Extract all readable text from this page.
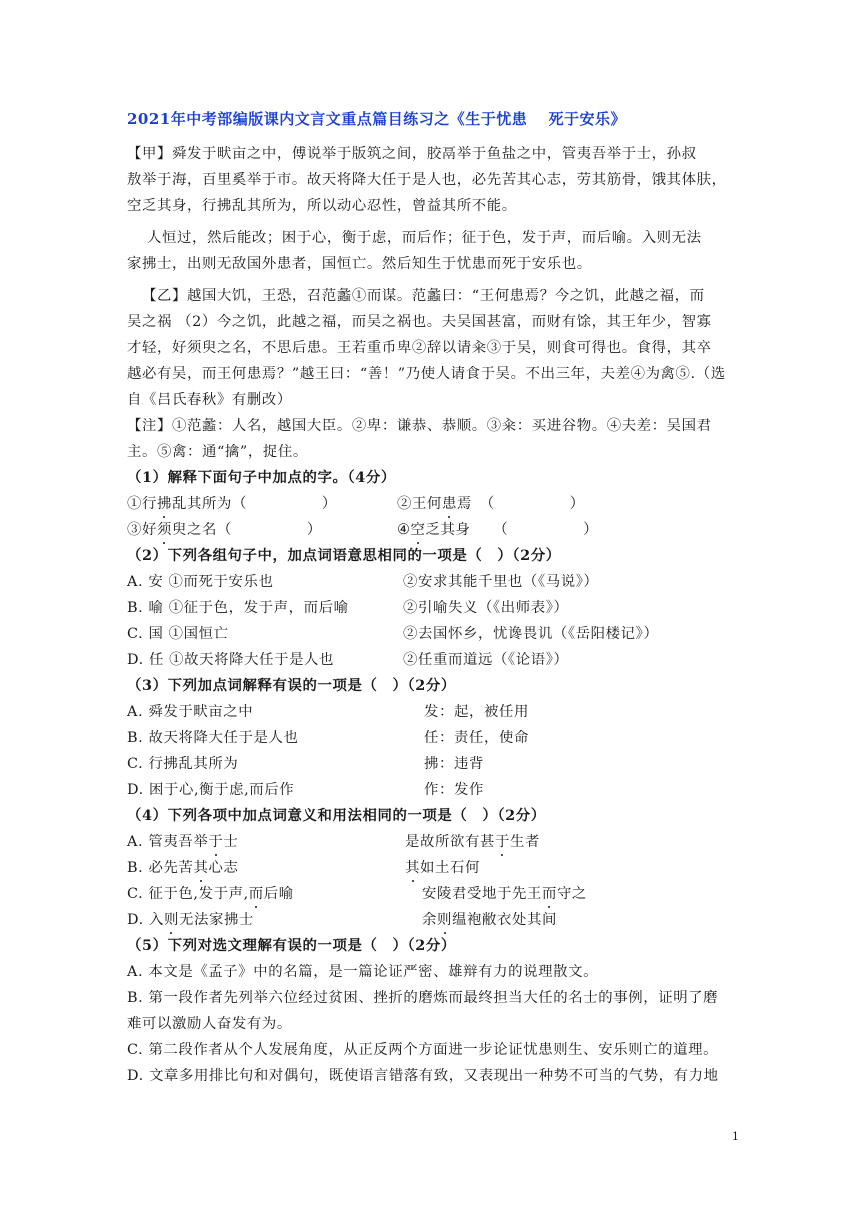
2021年中考部编版课内文言文重点篇目练习之《生于忧患　 死于安乐》
【甲】舜发于畎亩之中，傅说举于版筑之间，胶鬲举于鱼盐之中，管夷吾举于士，孙叔
敖举于海，百里奚举于市。故天将降大任于是人也，必先苦其心志，劳其筋骨，饿其体肤，
空乏其身，行拂乱其所为，所以动心忍性，曾益其所不能。
人恒过，然后能改；困于心，衡于虑，而后作；征于色，发于声，而后喻。入则无法
家拂士，出则无敌国外患者，国恒亡。然后知生于忧患而死于安乐也。
【乙】越国大饥，王恐，召范蠡①而谋。范蠡曰：“王何患焉？今之饥，此越之福，而
吴之祸 （2）今之饥，此越之福，而吴之祸也。夫吴国甚富，而财有馀，其王年少，智寡
才轻，好须臾之名，不思后患。王若重币卑②辞以请籴③于吴，则食可得也。食得，其卒
越必有吴，而王何患焉？”越王曰：“善！”乃使人请食于吴。不出三年，夫差④为禽⑤.（选
自《吕氏春秋》有删改）
【注】①范蠡：人名，越国大臣。②卑：谦恭、恭顺。③籴：买进谷物。④夫差：吴国君
主。⑤禽：通“擒”，捉住。
（1）解释下面句子中加点的字。（4分）
①行拂乱其所为（　　　　　）	②王何患焉　（　　　　　）
③好须臾之名（　　　　　）	④空乏其身　　（　　　　　）
（2）下列各组句子中，加点词语意思相同的一项是（　）（2分）
A. 安 ①而死于安乐也	②安求其能千里也（《马说》）
B. 喻 ①征于色，发于声，而后喻	②引喻失义（《出师表》）
C. 国 ①国恒亡	②去国怀乡，忧谗畏讥（《岳阳楼记》）
D. 任 ①故天将降大任于是人也	②任重而道远（《论语》）
（3）下列加点词解释有误的一项是（　）（2分）
A. 舜发于畎亩之中	发：起，被任用
B. 故天将降大任于是人也	任：责任，使命
C. 行拂乱其所为	拂：违背
D. 困于心,衡于虑,而后作	作：发作
（4）下列各项中加点词意义和用法相同的一项是（　）（2分）
A. 管夷吾举于士	是故所欲有甚于生者
B. 必先苦其心志	其如土石何
C. 征于色,发于声,而后喻	安陵君受地于先王而守之
D. 入则无法家拂士	余则缊袍敝衣处其间
（5）下列对选文理解有误的一项是（　）（2分）
A. 本文是《孟子》中的名篇，是一篇论证严密、雄辩有力的说理散文。
B. 第一段作者先列举六位经过贫困、挫折的磨炼而最终担当大任的名士的事例，证明了磨
难可以激励人奋发有为。
C. 第二段作者从个人发展角度，从正反两个方面进一步论证忧患则生、安乐则亡的道理。
D. 文章多用排比句和对偶句，既使语言错落有致，又表现出一种势不可当的气势，有力地
1
